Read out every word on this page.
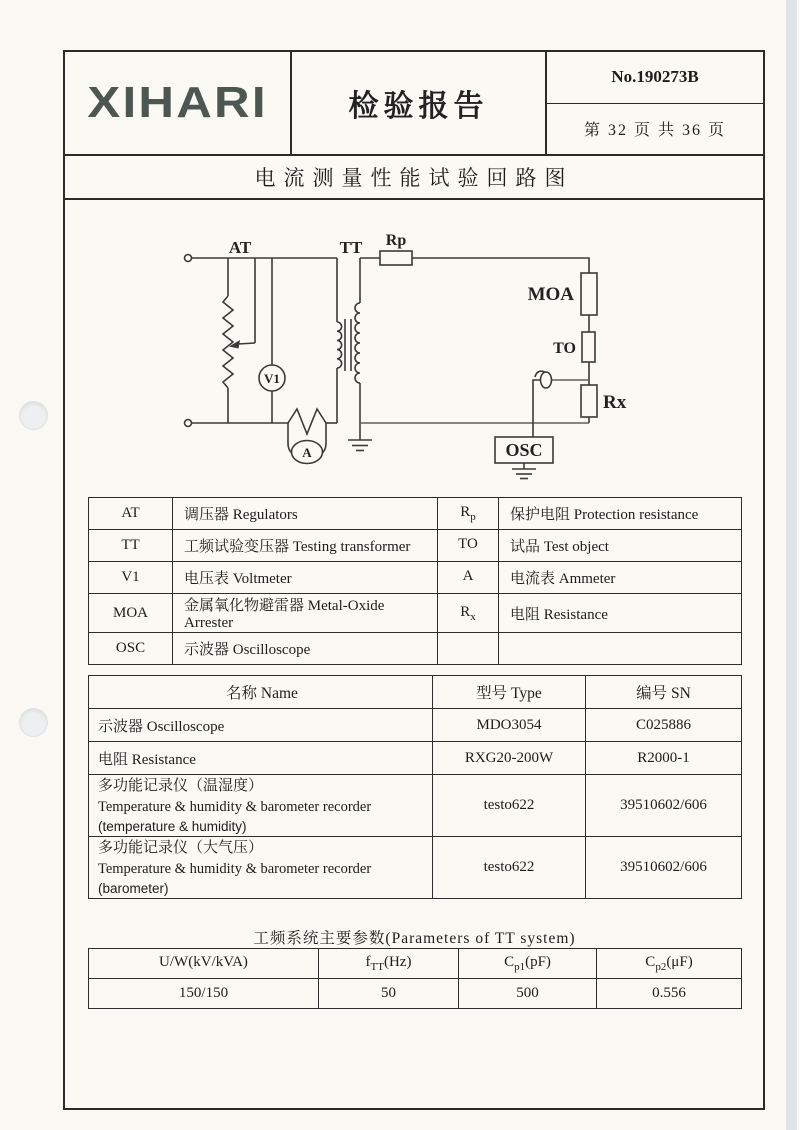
XIHARI	检验报告
No.190273B
第 32 页 共 36 页
电流测量性能试验回路图
AT	TT Rp
MOA
TO
Rx
V1
A	OSC
AT	调压器 Regulators	$R_p$	保护电阻 Protection resistance
TT	工频试验变压器 Testing transformer	TO	试品 Test object
V1	电压表 Voltmeter	A	电流表 Ammeter
MOA	金属氧化物避雷器 Metal-Oxide Arrester	$R_x$	电阻 Resistance
OSC	示波器 Oscilloscope		
名称 Name	型号 Type	编号 SN
示波器 Oscilloscope	MDO3054	C025886
电阻 Resistance	RXG20-200W	R2000-1

多功能记录仪（温湿度）
Temperature & humidity & barometer recorder
(temperature & humidity)	testo622	39510602/606

多功能记录仪（大气压）
Temperature & humidity & barometer recorder
(barometer)	testo622	39510602/606
工频系统主要参数(Parameters of TT system)
U/W(kV/kVA)	$f_{TT}(Hz)$	$C_{p1}(pF)$	$C_{p2}(\mu F)$
150/150	50	500	0.556
